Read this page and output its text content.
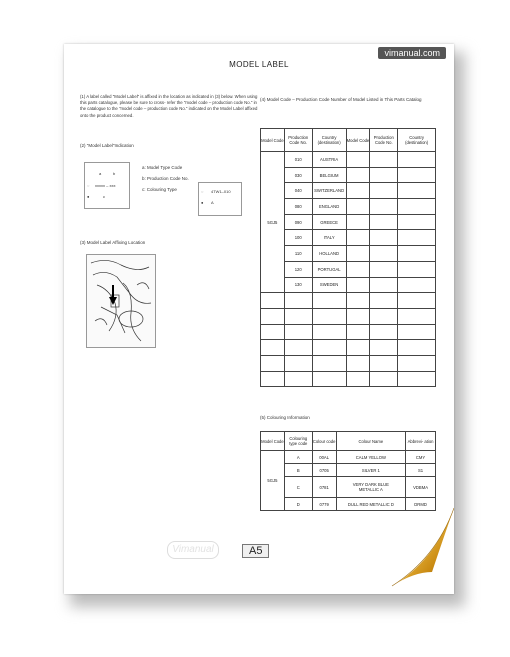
vimanual.com
MODEL LABEL
(1) A label called "Model Label" is affixed in the location as indicated in (3) below. When using this parts catalogue, please be sure to cross- refer the "model code – production code No." in the catalogue to the "model code – production code No." indicated on the Model Label affixed onto the product concerned.
(2) "Model Label"Indication
a	b
○ xxxxx – xxx
●	c
a: Model Type Code
b: Production Code No.
c: Colouring Type	○ 4TW1–010
● A
(3) Model Label Affixing Location
(4) Model Code – Production Code Number of Model Listed in This Parts Catalog
Model Code	Production Code No.	Country (destination)	Model Code	Production Code No.	Country (destination)
5GJ5	010	AUSTRIA			
	030	BELGIUM			
	040	SWITZERLAND			
	080	ENGLAND			
	090	GREECE			
	100	ITALY			
	110	HOLLAND			
	120	PORTUGAL			
	130	SWEDEN			

(5) Colouring Information
Model Code	Colouring type code	Colour code	Colour Name	Abbrevi- ation
5GJ5	A	00AL	CALM YELLOW	CMY
	B	0705	SILVER 1	S1
	C	0781	VERY DARK BLUE METALLIC A	VDBMA
	D	0779	DULL RED METALLIC D	DRMD
Vimanual	A5
